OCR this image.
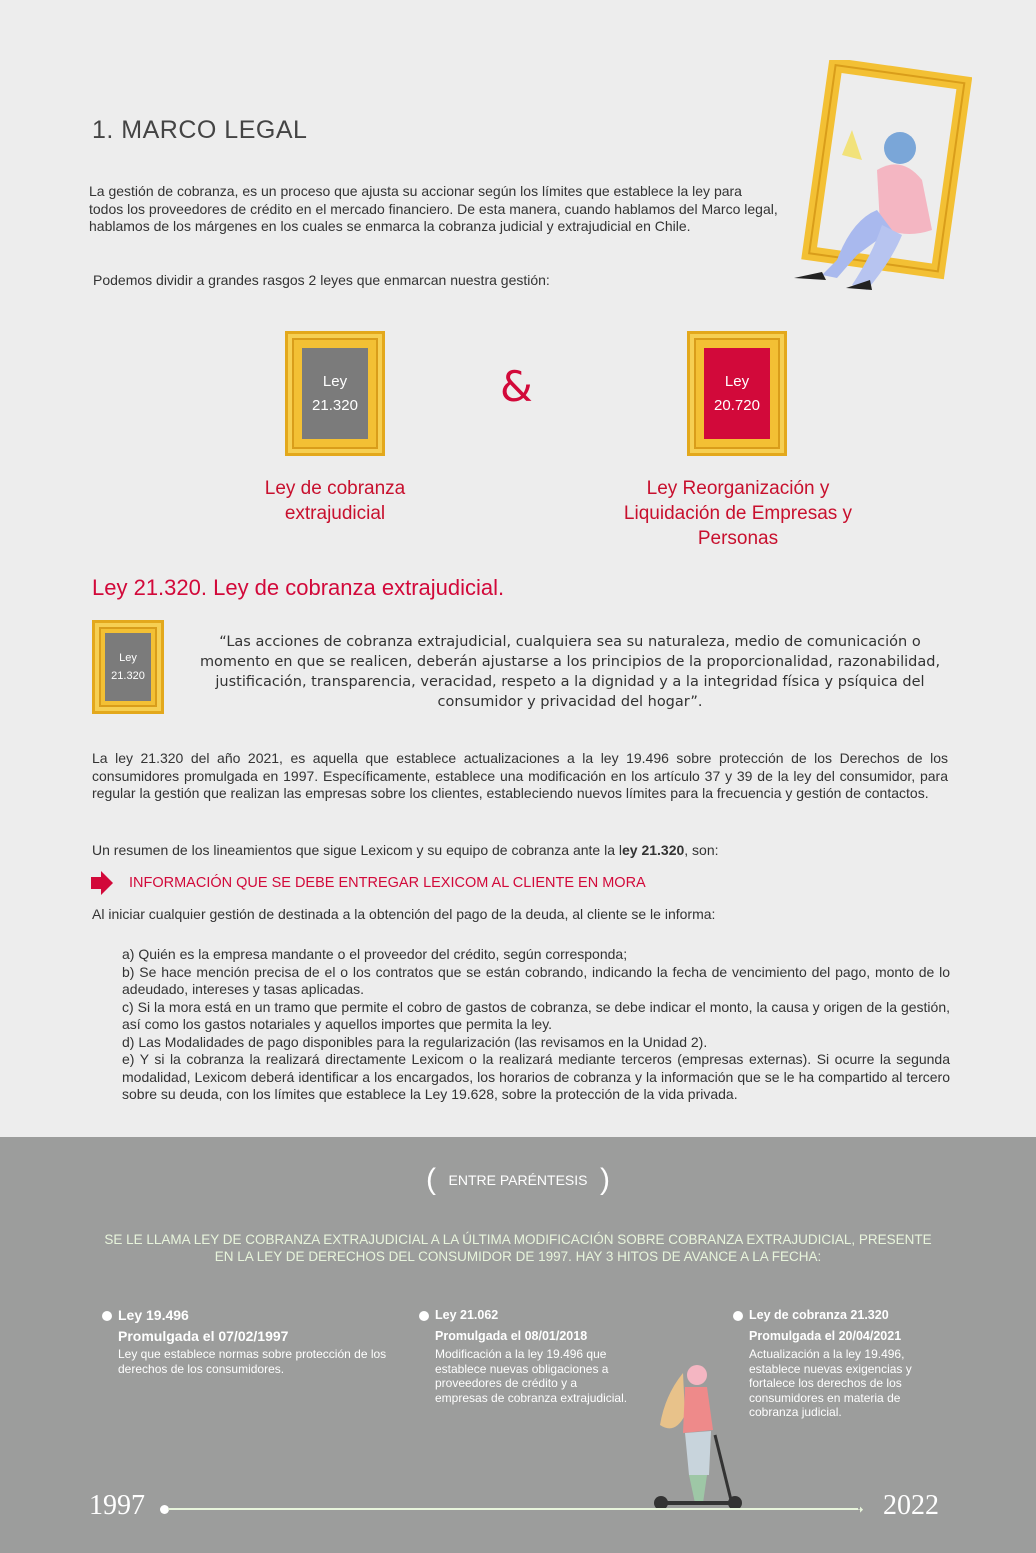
1. MARCO LEGAL
La gestión de cobranza, es un proceso que ajusta su accionar según los límites que establece la ley para todos los proveedores de crédito en el mercado financiero. De esta manera, cuando hablamos del Marco legal, hablamos de los márgenes en los cuales se enmarca la cobranza judicial y extrajudicial en Chile.
Podemos dividir a grandes rasgos 2 leyes que enmarcan nuestra gestión:
Ley
21.320	&	Ley
20.720
Ley de cobranza
extrajudicial
Ley Reorganización y
Liquidación de Empresas y
Personas
Ley 21.320. Ley de cobranza extrajudicial.
Ley
21.320
“Las acciones de cobranza extrajudicial, cualquiera sea su naturaleza, medio de comunicación o momento en que se realicen, deberán ajustarse a los principios de la proporcionalidad, razonabilidad, justificación, transparencia, veracidad, respeto a la dignidad y a la integridad física y psíquica del consumidor y privacidad del hogar”.
La ley 21.320 del año 2021, es aquella que establece actualizaciones a la ley 19.496 sobre protección de los Derechos de los consumidores promulgada en 1997. Específicamente, establece una modificación en los artículo 37 y 39 de la ley del consumidor, para regular la gestión que realizan las empresas sobre los clientes, estableciendo nuevos límites para la frecuencia y gestión de contactos.
Un resumen de los lineamientos que sigue Lexicom y su equipo de cobranza ante la ley 21.320, son:
INFORMACIÓN QUE SE DEBE ENTREGAR LEXICOM AL CLIENTE EN MORA
Al iniciar cualquier gestión de destinada a la obtención del pago de la deuda, al cliente se le informa:

a) Quién es la empresa mandante o el proveedor del crédito, según corresponda;

b) Se hace mención precisa de el o los contratos que se están cobrando, indicando la fecha de vencimiento del pago, monto de lo adeudado, intereses y tasas aplicadas.

c) Si la mora está en un tramo que permite el cobro de gastos de cobranza, se debe indicar el monto, la causa y origen de la gestión, así como los gastos notariales y aquellos importes que permita la ley.

d) Las Modalidades de pago disponibles para la regularización (las revisamos en la Unidad 2).

e) Y si la cobranza la realizará directamente Lexicom o la realizará mediante terceros (empresas externas). Si ocurre la segunda modalidad, Lexicom deberá identificar a los encargados, los horarios de cobranza y la información que se le ha compartido al tercero sobre su deuda, con los límites que establece la Ley 19.628, sobre la protección de la vida privada.

( ENTRE PARÉNTESIS )
SE LE LLAMA LEY DE COBRANZA EXTRAJUDICIAL A LA ÚLTIMA MODIFICACIÓN SOBRE COBRANZA EXTRAJUDICIAL, PRESENTE
EN LA LEY DE DERECHOS DEL CONSUMIDOR DE 1997. HAY 3 HITOS DE AVANCE A LA FECHA:
Ley 19.496
Promulgada el 07/02/1997
Ley que establece normas sobre protección de los derechos de los consumidores.
Ley 21.062
Promulgada el 08/01/2018
Modificación a la ley 19.496 que establece nuevas obligaciones a proveedores de crédito y a empresas de cobranza extrajudicial.
Ley de cobranza 21.320
Promulgada el 20/04/2021
Actualización a la ley 19.496, establece nuevas exigencias y fortalece los derechos de los consumidores en materia de cobranza judicial.
1997	➝ 2022
